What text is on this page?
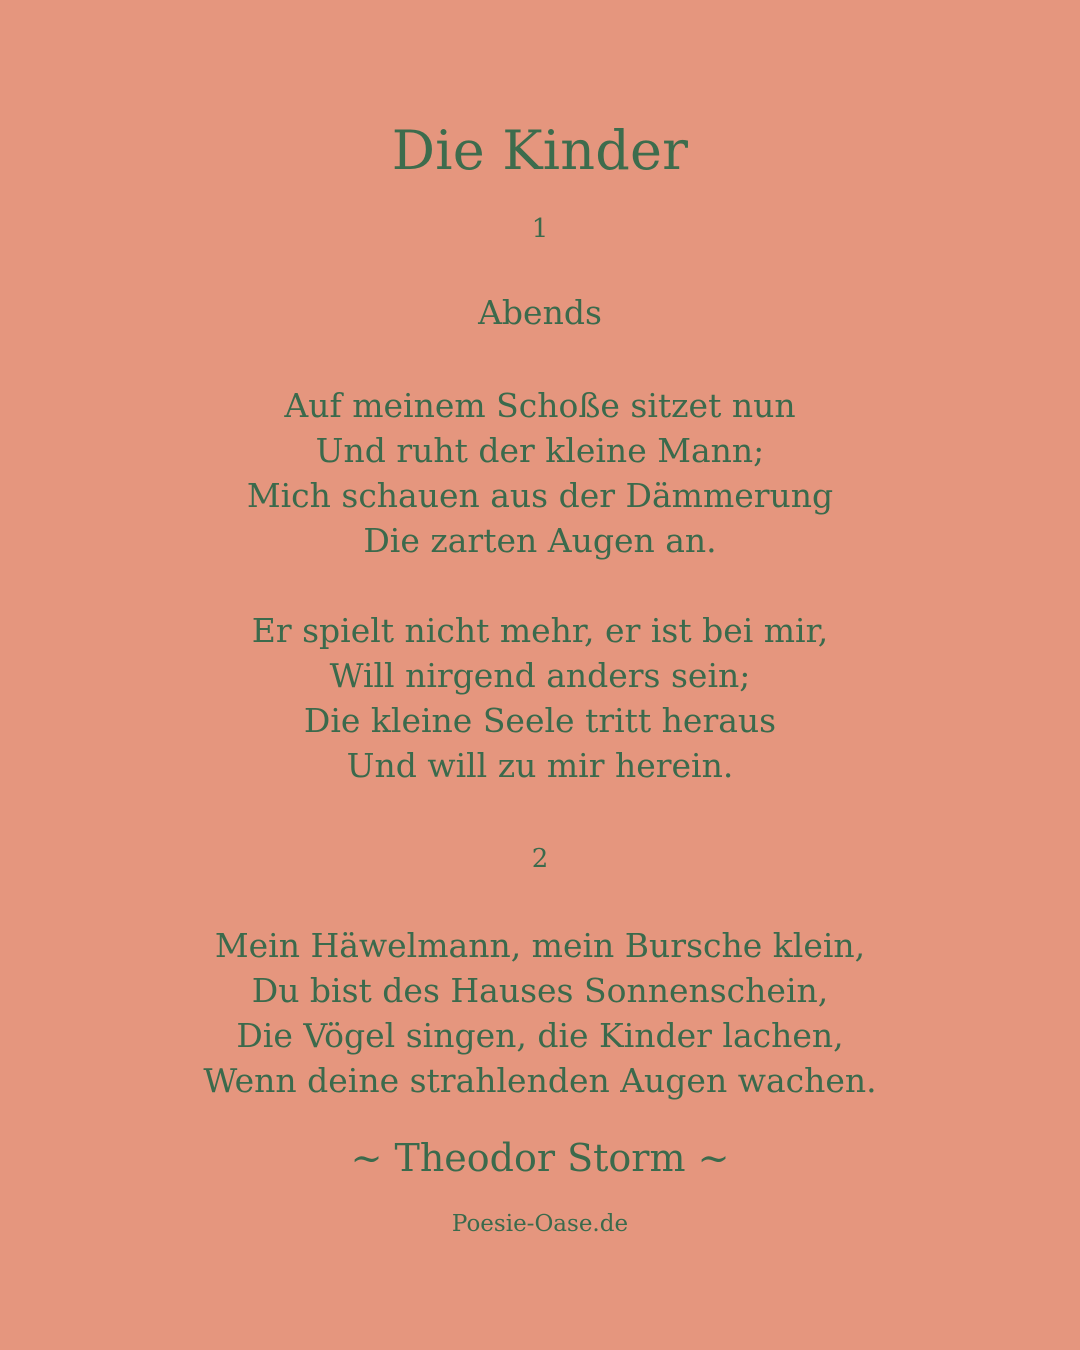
Die Kinder
1
Abends
Auf meinem Schoße sitzet nun
Und ruht der kleine Mann;
Mich schauen aus der Dämmerung
Die zarten Augen an.
Er spielt nicht mehr, er ist bei mir,
Will nirgend anders sein;
Die kleine Seele tritt heraus
Und will zu mir herein.
2
Mein Häwelmann, mein Bursche klein,
Du bist des Hauses Sonnenschein,
Die Vögel singen, die Kinder lachen,
Wenn deine strahlenden Augen wachen.
~ Theodor Storm ~
Poesie-Oase.de
